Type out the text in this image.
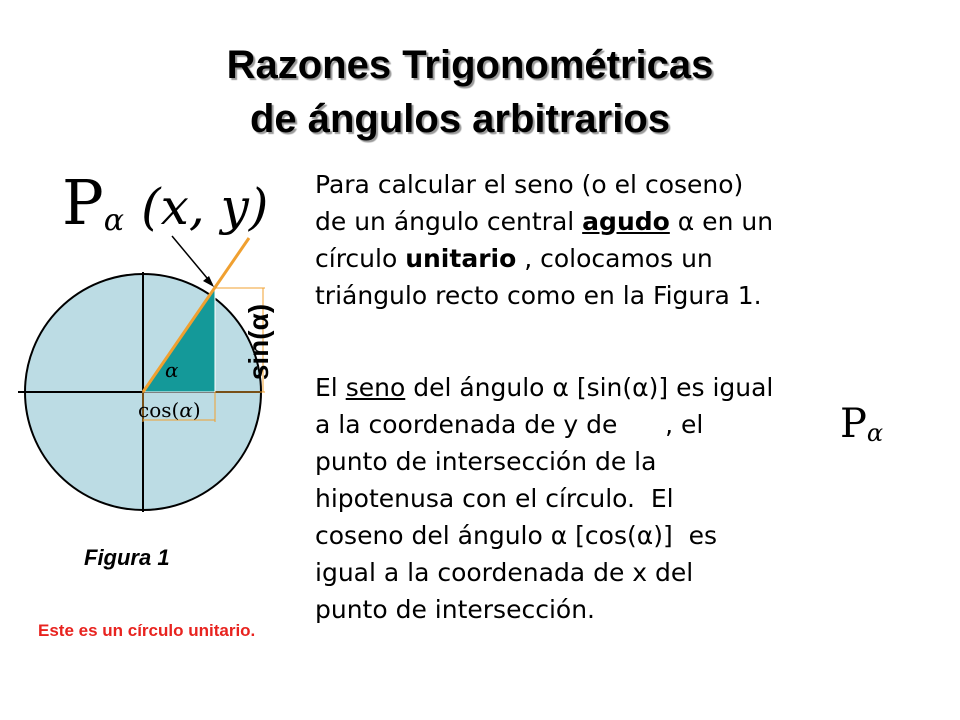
Razones Trigonométricas
de ángulos arbitrarios
$P_\alpha$ (x, y)
sin(α)
α
cos(α)
Figura 1
Este es un círculo unitario.
Para calcular el seno (o el coseno)
de un ángulo central agudo α en un
círculo unitario , colocamos un
triángulo recto como en la Figura 1.
El seno del ángulo α [sin(α)] es igual
a la coordenada de y de      , el
punto de intersección de la
hipotenusa con el círculo.  El
coseno del ángulo α [cos(α)]  es
igual a la coordenada de x del
punto de intersección.
$P_\alpha$
